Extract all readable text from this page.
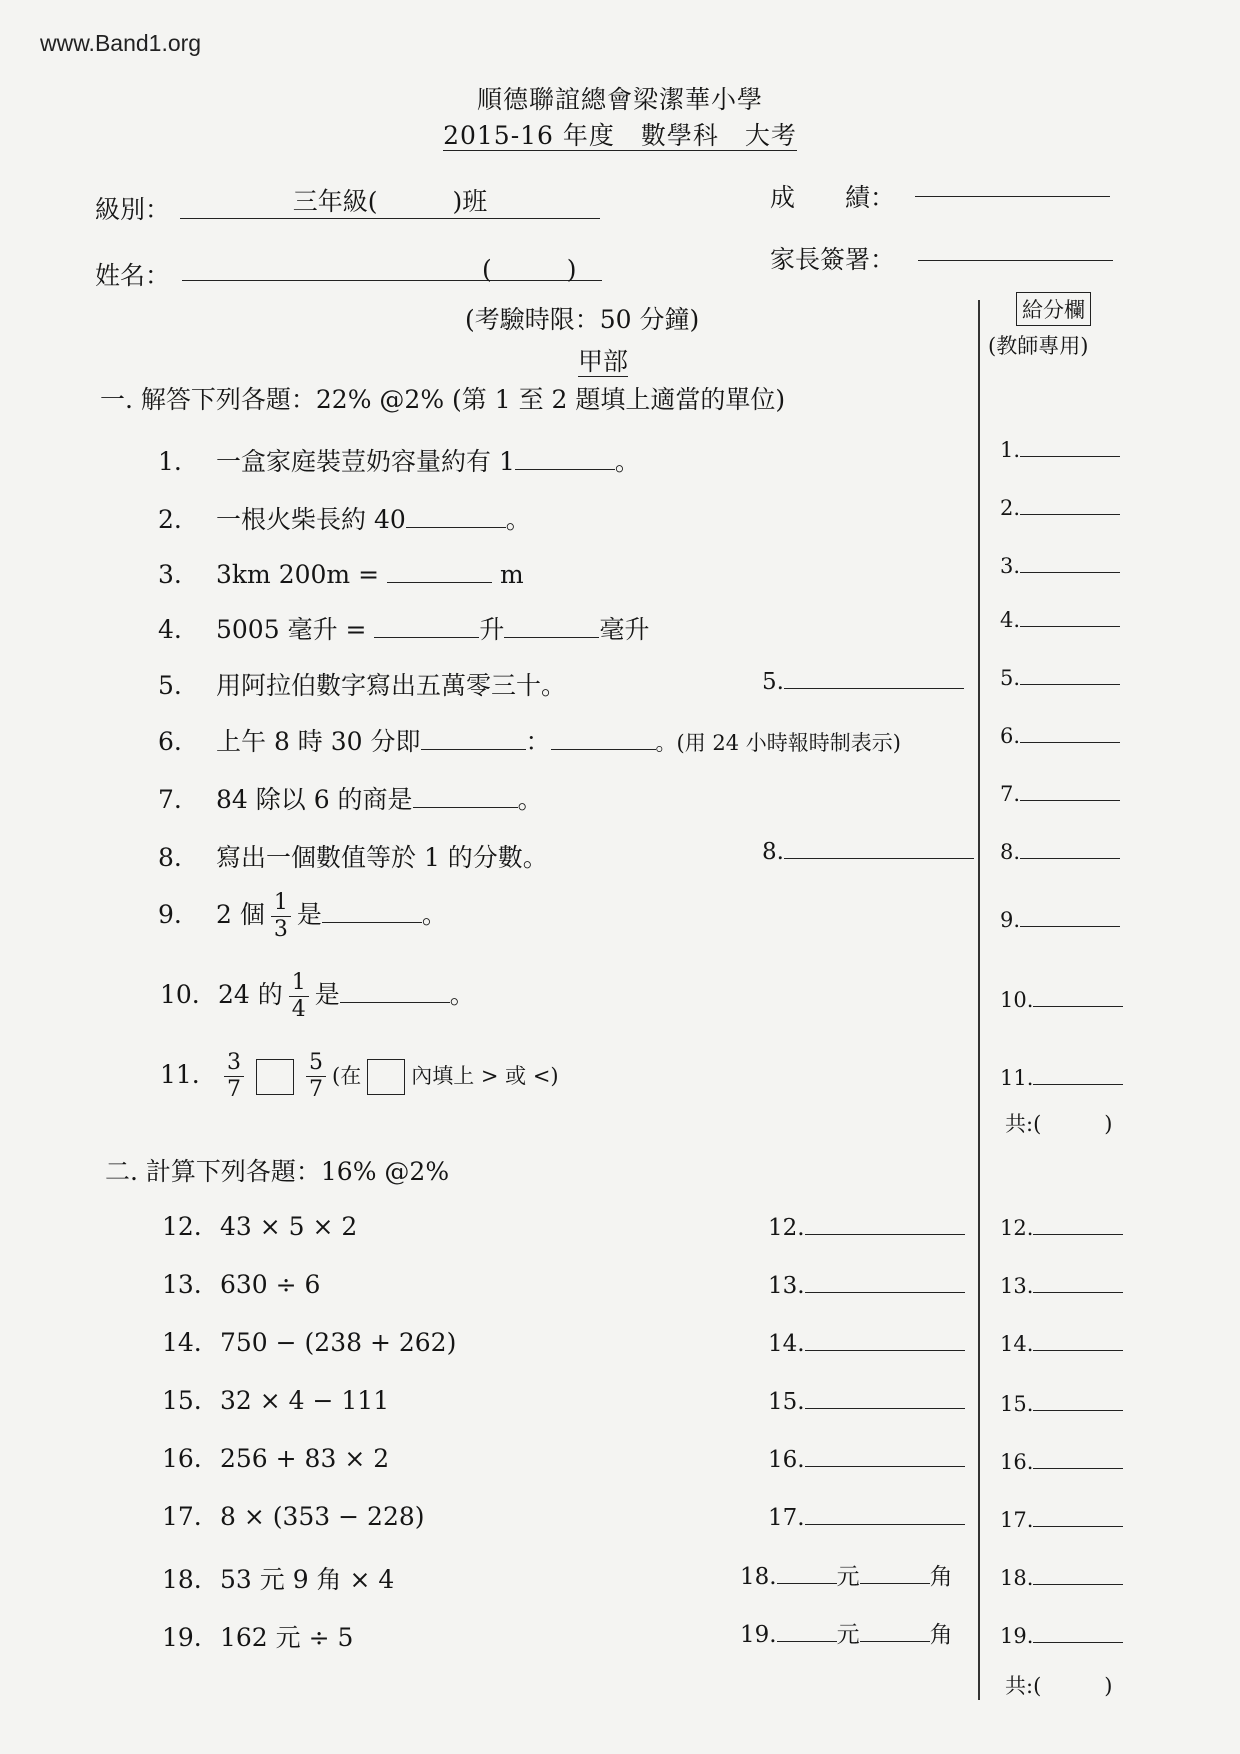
www.Band1.org
順德聯誼總會梁潔華小學
2015-16 年度　數學科　大考
級別：	三年級(　　　)班
姓名：	(　　　)
成　　績：
家長簽署：
(考驗時限：50 分鐘)
甲部
給分欄
(教師專用)
一. 解答下列各題：22% @2% (第 1 至 2 題填上適當的單位)
1. 一盒家庭裝荳奶容量約有 1	。
2. 一根火柴長約 40	。
3. 3km 200m =	m
4. 5005 毫升 =	升	毫升
5. 用阿拉伯數字寫出五萬零三十。	5.
6. 上午 8 時 30 分即	：	。(用 24 小時報時制表示)
7. 84 除以 6 的商是	。
8. 寫出一個數值等於 1 的分數。	8.
9. 2 個 $\frac{1}{3}$ 是	。
10. 24 的 $\frac{1}{4}$ 是	。
11. $\frac{3}{7}$	$\frac{5}{7}$ (在 內填上 > 或 <)
共:(　　　)
二. 計算下列各題：16% @2%
12. 43 × 5 × 2
13. 630 ÷ 6
14. 750 − (238 + 262)
15. 32 × 4 − 111
16. 256 + 83 × 2
17. 8 × (353 − 228)
18. 53 元 9 角 × 4
19. 162 元 ÷ 5
12.
13.
14.
15.
16.
17.
18.	元	角
19.	元	角
共:(　　　)
1.
2.
3.
4.
5.
6.
7.
8.
9.
10.
11.
12.
13.
14.
15.
16.
17.
18.
19.
